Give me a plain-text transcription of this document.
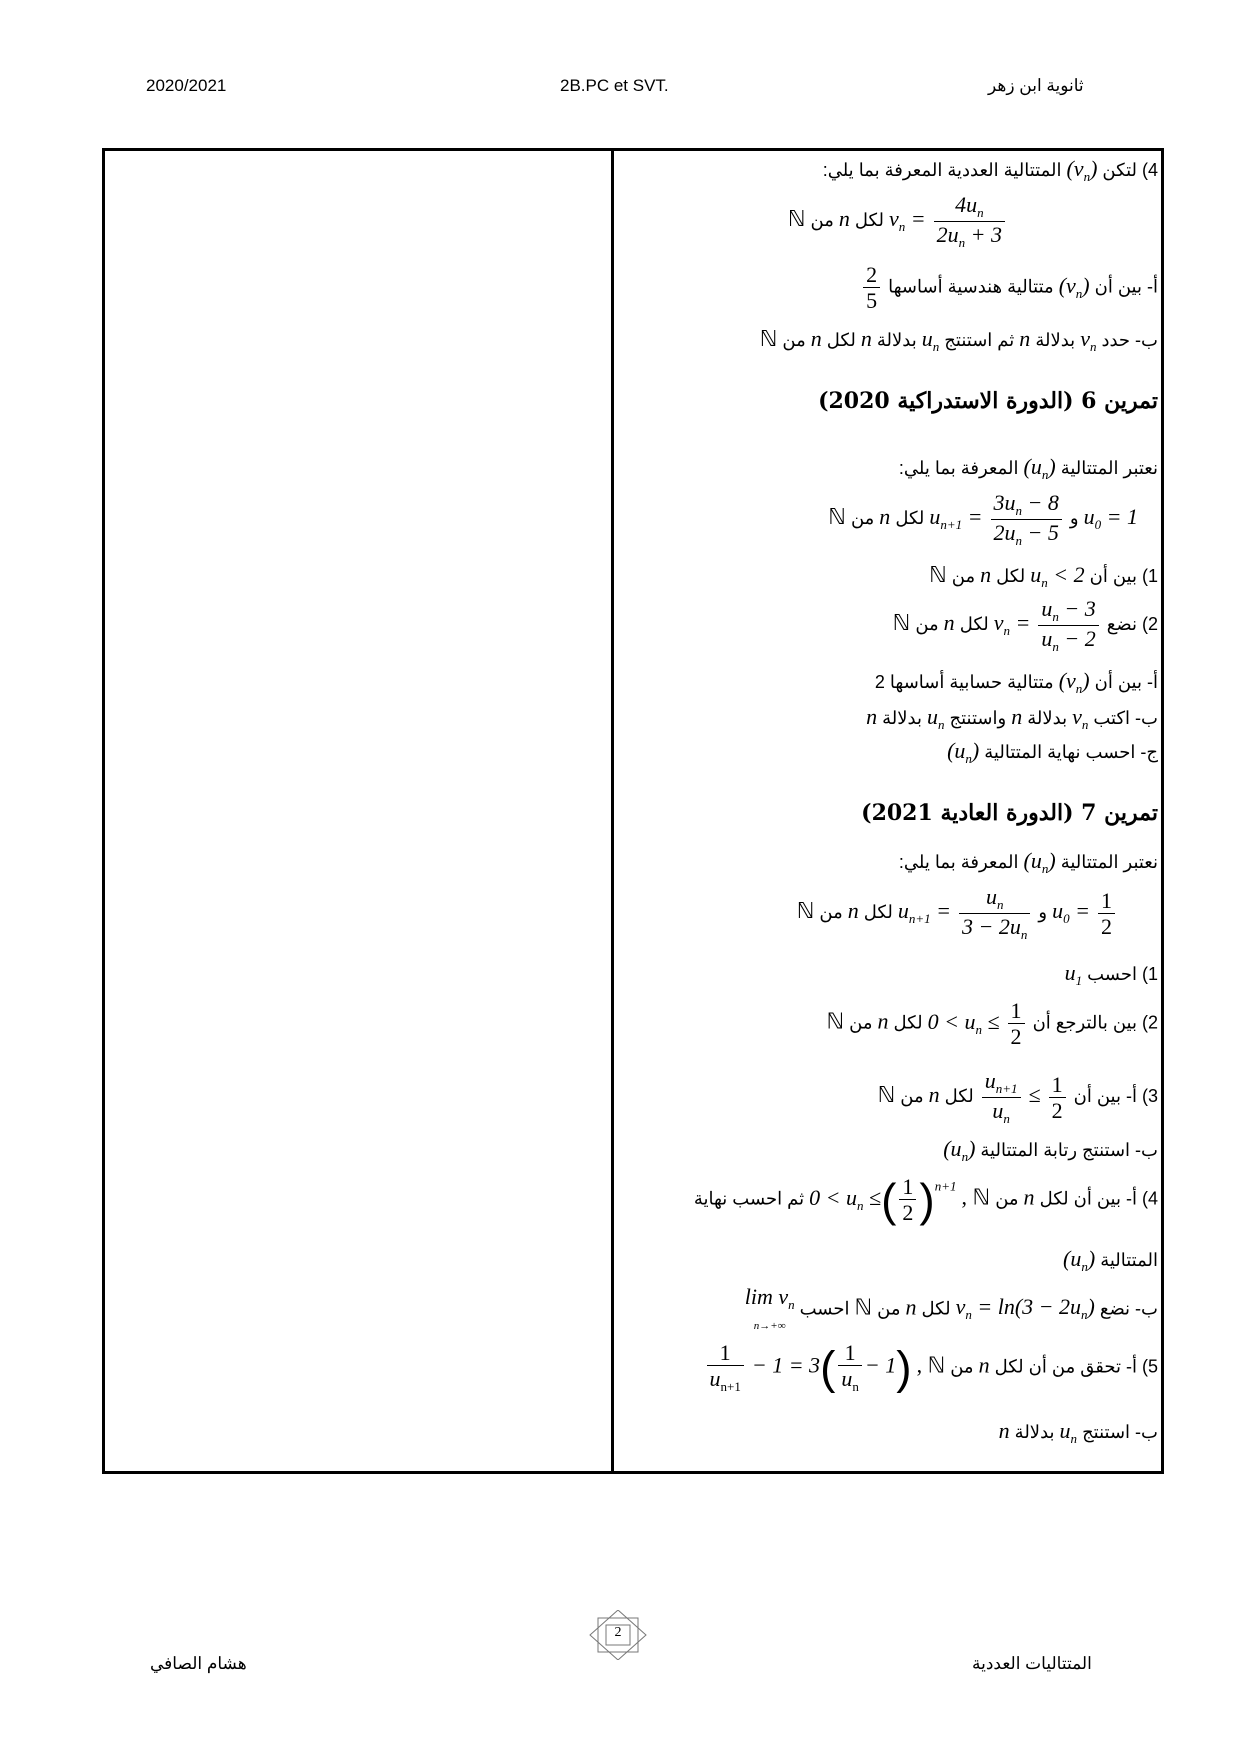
2020/2021	2B.PC et SVT.	ثانوية ابن زهر
المتتالية العددية المعرفة بما يلي: $(v_n)$ 4) لتكن
ℕ من n لكل $v_n = \frac{4u_n}{2u_n + 3}$
$\frac{2}{5}$ متتالية هندسية أساسها $(v_n)$ أ- بين أن
ℕ من n لكل n بدلالة $u_n$ ثم استنتج n بدلالة $v_n$ ب- حدد
تمرين 6 (الدورة الاستدراكية 2020)
المعرفة بما يلي: $(u_n)$ نعتبر المتتالية
ℕ من n لكل $u_{n+1} = \frac{3u_n - 8}{2u_n - 5}$ و $u_0 = 1$
ℕ من n لكل $u_n < 2$ 1) بين أن
ℕ من n لكل $v_n = \frac{u_n - 3}{u_n - 2} 2$) نضع
متتالية حسابية أساسها 2 $(v_n)$ أ- بين أن
n بدلالة $u_n$ واستنتج n بدلالة $v_n$ ب- اكتب
$(u_n)$ ج- احسب نهاية المتتالية
تمرين 7 (الدورة العادية 2021)
المعرفة بما يلي: $(u_n)$ نعتبر المتتالية
ℕ من n لكل $u_{n+1} = \frac{u_n}{3 - 2u_n}$ و $u_0 = \frac{1}{2}$
$u_1$ 1) احسب
ℕ من n لكل $0 < u_n \le \frac{1}{2} 2$) بين بالترجع أن
ℕ من n لكل $\frac{u_{n+1}}{u_n} \le \frac{1}{2} 3$) أ- بين أن
$(u_n)$ ب- استنتج رتابة المتتالية
ثم احسب نهاية $0 < u_n$ ≤( $\frac{1}{2} )^{n+1}$ , ℕ من n 4) أ- بين أن لكل
$(u_n)$ المتتالية
$\lim v_n$
n→+∞ احسب ℕ من n لكل $v_n = \ln(3 - 2u_n)$ ب- نضع
$\frac{1}{u_{n+1}} - 1 = 3( \frac{1}{u_n} - 1)$ , ℕ من n 5) أ- تحقق من أن لكل
n بدلالة $u_n$ ب- استنتج
هشام الصافي	المتتاليات العددية
2
